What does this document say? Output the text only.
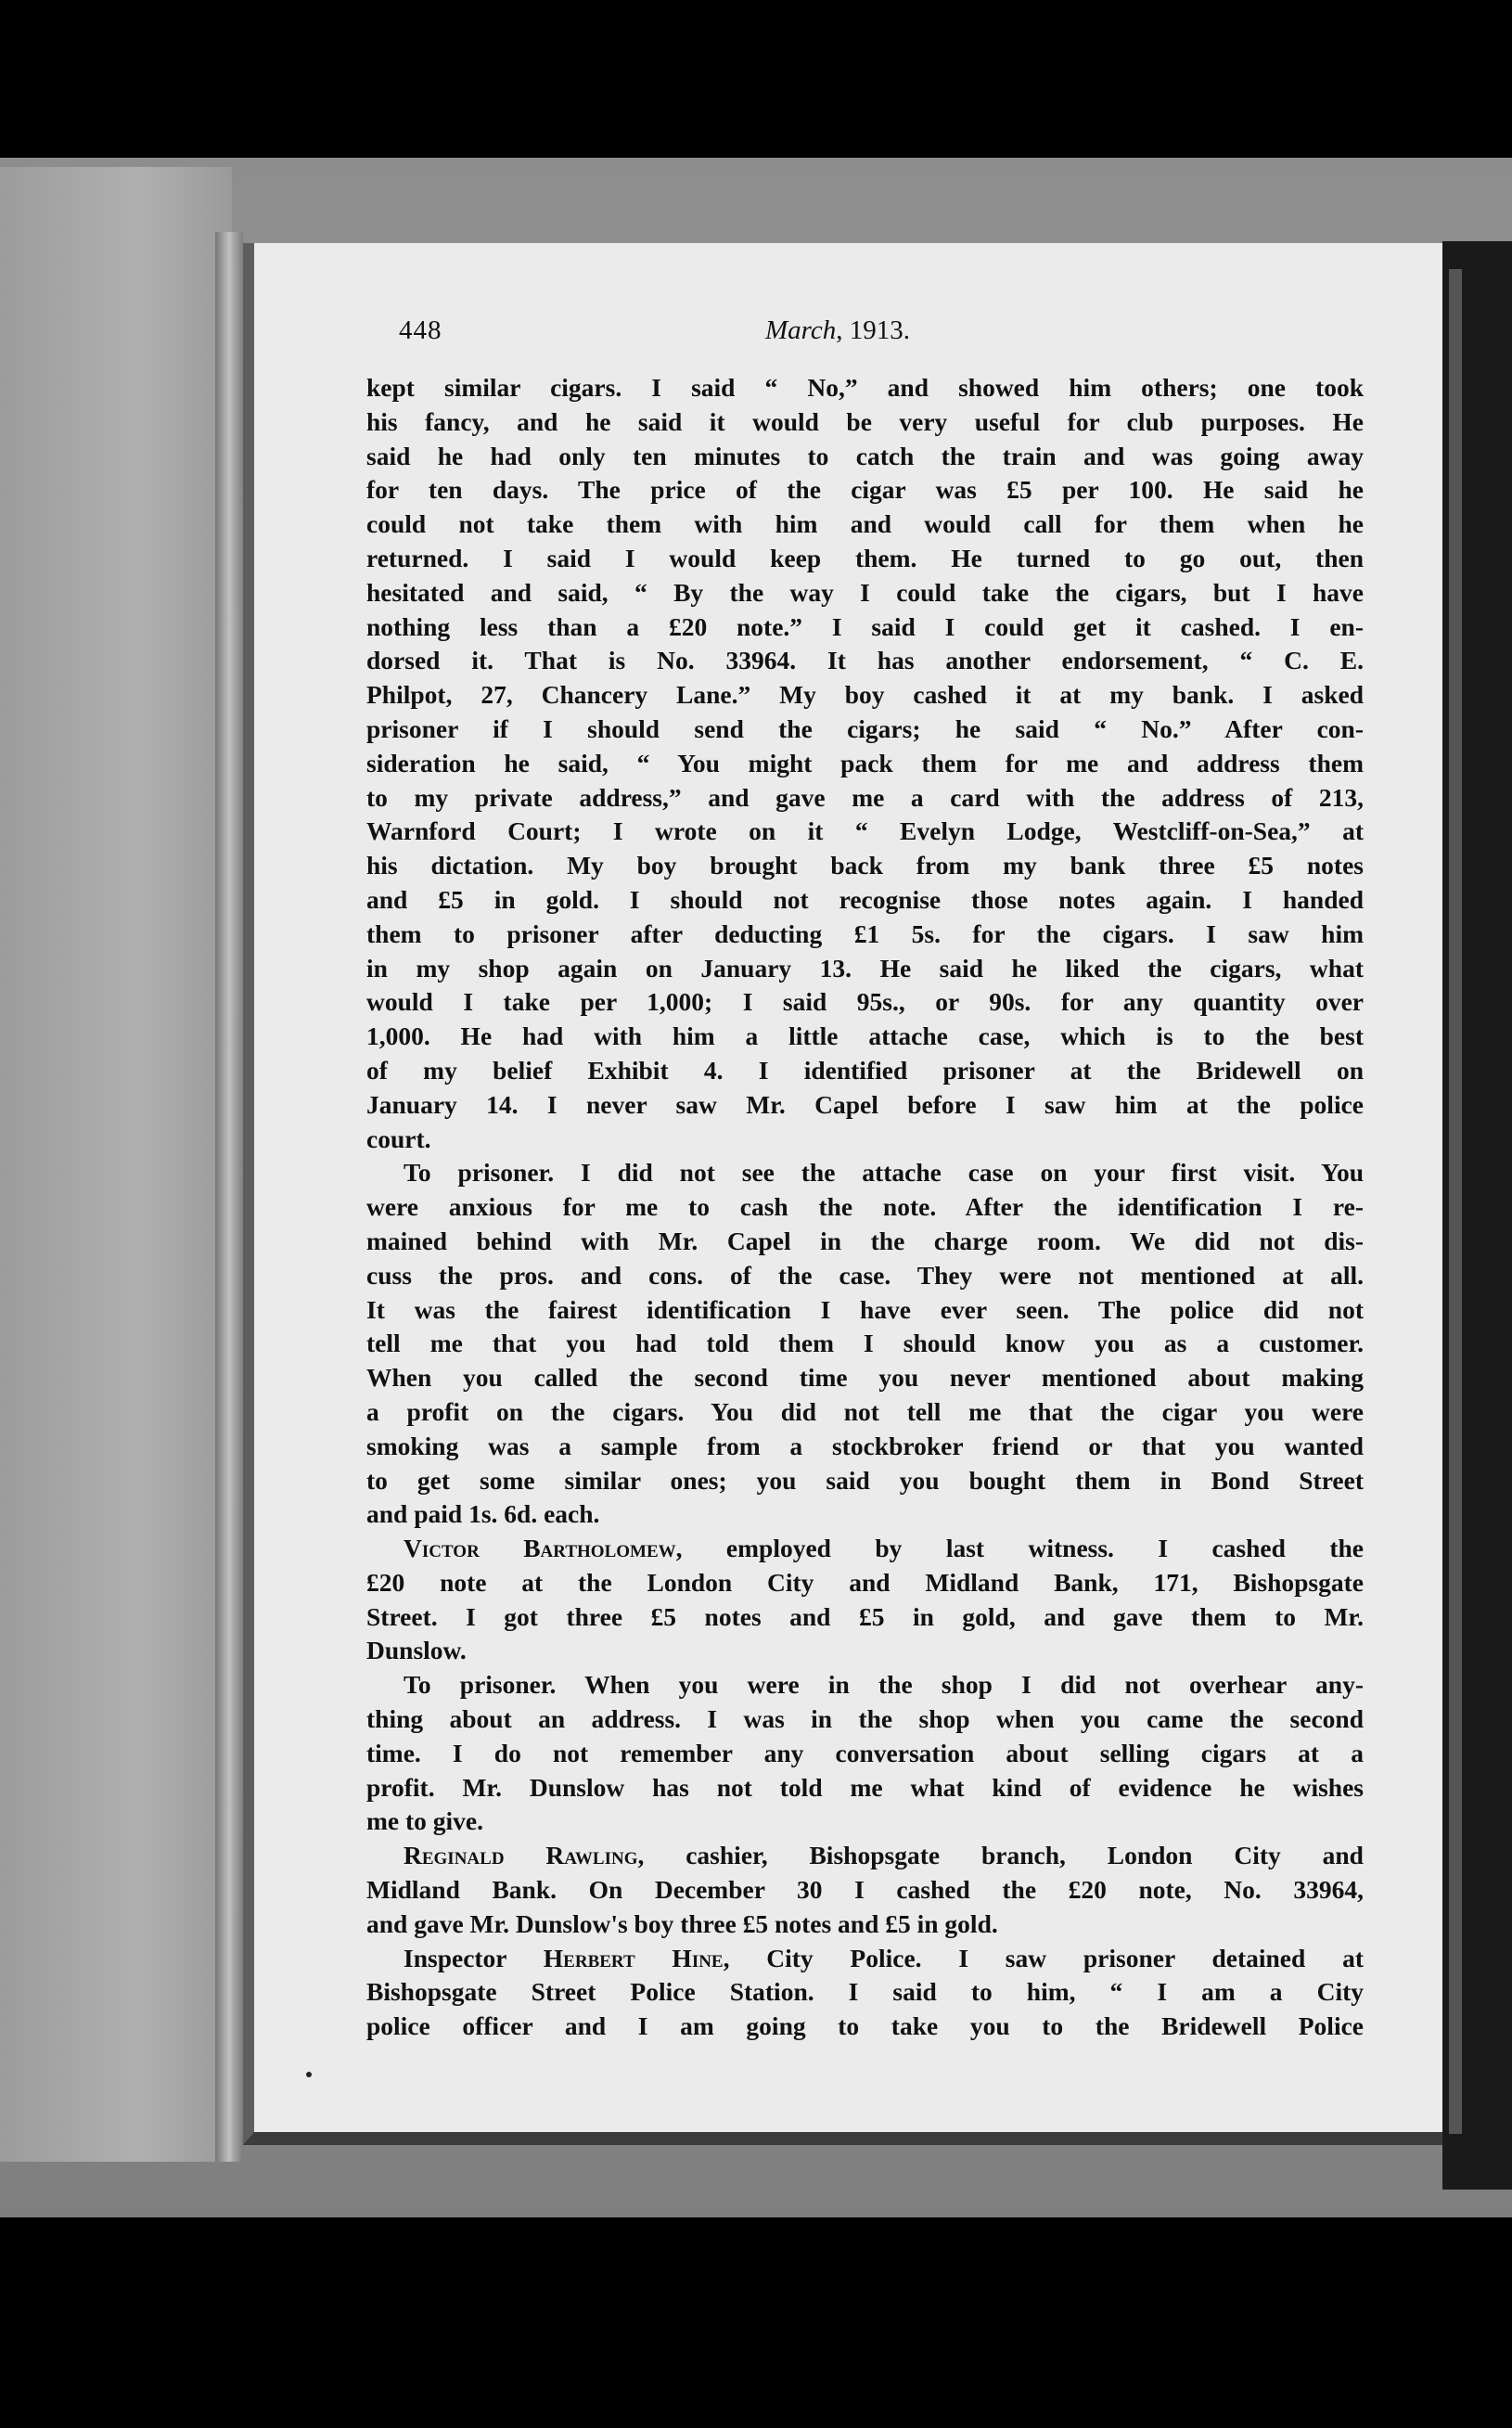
448	March, 1913.
kept similar cigars. I said “ No,” and showed him others; one took
his fancy, and he said it would be very useful for club purposes. He
said he had only ten minutes to catch the train and was going away
for ten days. The price of the cigar was £5 per 100. He said he
could not take them with him and would call for them when he
returned. I said I would keep them. He turned to go out, then
hesitated and said, “ By the way I could take the cigars, but I have
nothing less than a £20 note.” I said I could get it cashed. I en-
dorsed it. That is No. 33964. It has another endorsement, “ C. E.
Philpot, 27, Chancery Lane.” My boy cashed it at my bank. I asked
prisoner if I should send the cigars; he said “ No.” After con-
sideration he said, “ You might pack them for me and address them
to my private address,” and gave me a card with the address of 213,
Warnford Court; I wrote on it “ Evelyn Lodge, Westcliff-on-Sea,” at
his dictation. My boy brought back from my bank three £5 notes
and £5 in gold. I should not recognise those notes again. I handed
them to prisoner after deducting £1 5s. for the cigars. I saw him
in my shop again on January 13. He said he liked the cigars, what
would I take per 1,000; I said 95s., or 90s. for any quantity over
1,000. He had with him a little attache case, which is to the best
of my belief Exhibit 4. I identified prisoner at the Bridewell on
January 14. I never saw Mr. Capel before I saw him at the police
court.
To prisoner. I did not see the attache case on your first visit. You
were anxious for me to cash the note. After the identification I re-
mained behind with Mr. Capel in the charge room. We did not dis-
cuss the pros. and cons. of the case. They were not mentioned at all.
It was the fairest identification I have ever seen. The police did not
tell me that you had told them I should know you as a customer.
When you called the second time you never mentioned about making
a profit on the cigars. You did not tell me that the cigar you were
smoking was a sample from a stockbroker friend or that you wanted
to get some similar ones; you said you bought them in Bond Street
and paid 1s. 6d. each.
Victor Bartholomew, employed by last witness. I cashed the
£20 note at the London City and Midland Bank, 171, Bishopsgate
Street. I got three £5 notes and £5 in gold, and gave them to Mr.
Dunslow.
To prisoner. When you were in the shop I did not overhear any-
thing about an address. I was in the shop when you came the second
time. I do not remember any conversation about selling cigars at a
profit. Mr. Dunslow has not told me what kind of evidence he wishes
me to give.
Reginald Rawling, cashier, Bishopsgate branch, London City and
Midland Bank. On December 30 I cashed the £20 note, No. 33964,
and gave Mr. Dunslow's boy three £5 notes and £5 in gold.
Inspector Herbert Hine, City Police. I saw prisoner detained at
Bishopsgate Street Police Station. I said to him, “ I am a City
police officer and I am going to take you to the Bridewell Police
